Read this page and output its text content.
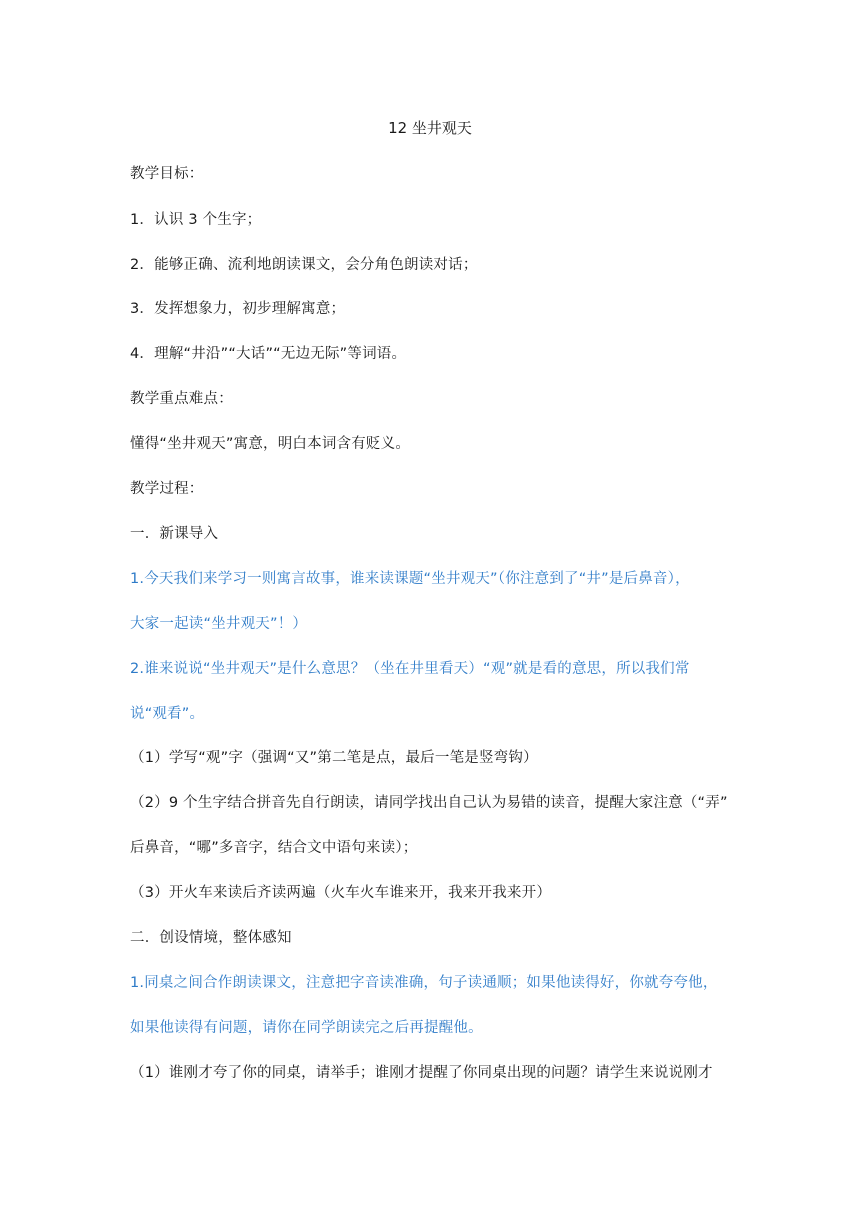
12 坐井观天
教学目标：
1．认识 3 个生字；
2．能够正确、流利地朗读课文，会分角色朗读对话；
3．发挥想象力，初步理解寓意；
4．理解“井沿”“大话”“无边无际”等词语。
教学重点难点：
懂得“坐井观天”寓意，明白本词含有贬义。
教学过程：
一．新课导入
1.今天我们来学习一则寓言故事，谁来读课题“坐井观天”（你注意到了“井”是后鼻音），
大家一起读“坐井观天”！）
2.谁来说说“坐井观天”是什么意思？（坐在井里看天）“观”就是看的意思，所以我们常
说“观看”。
（1）学写“观”字（强调“又”第二笔是点，最后一笔是竖弯钩）
（2）9 个生字结合拼音先自行朗读，请同学找出自己认为易错的读音，提醒大家注意（“弄”
后鼻音，“哪”多音字，结合文中语句来读）；
（3）开火车来读后齐读两遍（火车火车谁来开，我来开我来开）
二．创设情境，整体感知
1.同桌之间合作朗读课文，注意把字音读准确，句子读通顺；如果他读得好，你就夸夸他，
如果他读得有问题，请你在同学朗读完之后再提醒他。
（1）谁刚才夸了你的同桌，请举手；谁刚才提醒了你同桌出现的问题？请学生来说说刚才
